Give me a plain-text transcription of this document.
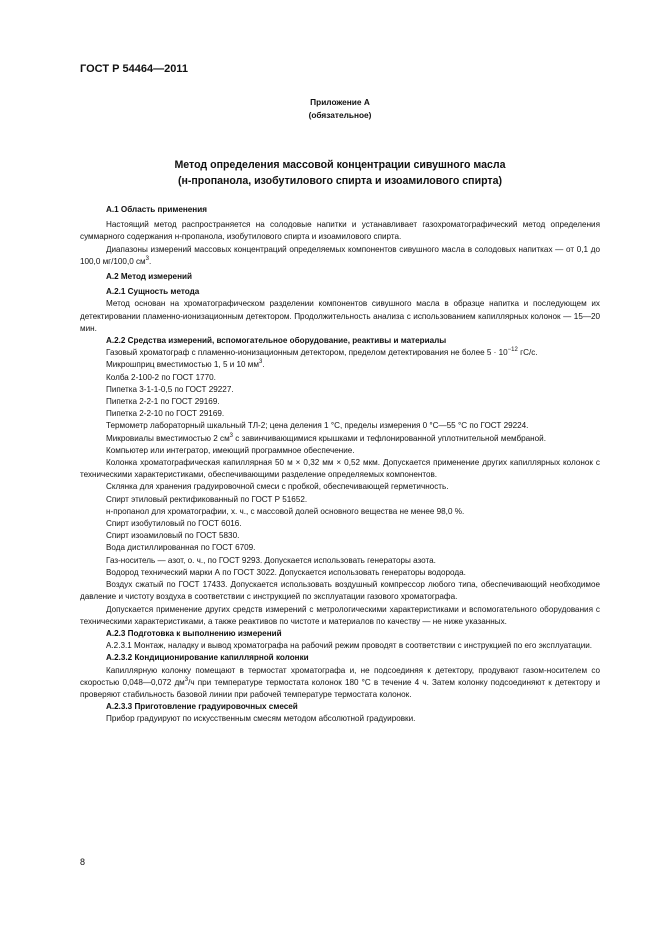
ГОСТ Р 54464—2011
Приложение А
(обязательное)
Метод определения массовой концентрации сивушного масла
(н-пропанола, изобутилового спирта и изоамилового спирта)
А.1 Область применения

Настоящий метод распространяется на солодовые напитки и устанавливает газохроматографический метод определения суммарного содержания н-пропанола, изобутилового спирта и изоамилового спирта.

Диапазоны измерений массовых концентраций определяемых компонентов сивушного масла в солодовых напитках — от 0,1 до 100,0 мг/100,0 $см^3$.

А.2 Метод измерений
А.2.1 Сущность метода

Метод основан на хроматографическом разделении компонентов сивушного масла в образце напитка и последующем их детектировании пламенно-ионизационным детектором. Продолжительность анализа с использованием капиллярных колонок — 15—20 мин.

А.2.2 Средства измерений, вспомогательное оборудование, реактивы и материалы

Газовый хроматограф с пламенно-ионизационным детектором, пределом детектирования не более $5 \cdot 10^{-12}$ гС/с.

Микрошприц вместимостью 1, 5 и 10 $мм^3$.

Колба 2-100-2 по ГОСТ 1770.

Пипетка 3-1-1-0,5 по ГОСТ 29227.

Пипетка 2-2-1 по ГОСТ 29169.

Пипетка 2-2-10 по ГОСТ 29169.

Термометр лабораторный шкальный ТЛ-2; цена деления 1 °С, пределы измерения 0 °С—55 °С по ГОСТ 29224.

Микровиалы вместимостью 2 $см^3$ с завинчивающимися крышками и тефлонированной уплотнительной мембраной.

Компьютер или интегратор, имеющий программное обеспечение.

Колонка хроматографическая капиллярная 50 м × 0,32 мм × 0,52 мкм. Допускается применение других капиллярных колонок с техническими характеристиками, обеспечивающими разделение определяемых компонентов.

Склянка для хранения градуировочной смеси с пробкой, обеспечивающей герметичность.

Спирт этиловый ректификованный по ГОСТ Р 51652.

н-пропанол для хроматографии, х. ч., с массовой долей основного вещества не менее 98,0 %.

Спирт изобутиловый по ГОСТ 6016.

Спирт изоамиловый по ГОСТ 5830.

Вода дистиллированная по ГОСТ 6709.

Газ-носитель — азот, о. ч., по ГОСТ 9293. Допускается использовать генераторы азота.

Водород технический марки А по ГОСТ 3022. Допускается использовать генераторы водорода.

Воздух сжатый по ГОСТ 17433. Допускается использовать воздушный компрессор любого типа, обеспечивающий необходимое давление и чистоту воздуха в соответствии с инструкцией по эксплуатации газового хроматографа.

Допускается применение других средств измерений с метрологическими характеристиками и вспомогательного оборудования с техническими характеристиками, а также реактивов по чистоте и материалов по качеству — не ниже указанных.

А.2.3 Подготовка к выполнению измерений

А.2.3.1 Монтаж, наладку и вывод хроматографа на рабочий режим проводят в соответствии с инструкцией по его эксплуатации.

А.2.3.2 Кондиционирование капиллярной колонки

Капиллярную колонку помещают в термостат хроматографа и, не подсоединяя к детектору, продувают газом-носителем со скоростью 0,048—0,072 $дм^3/ч$ при температуре термостата колонок 180 °С в течение 4 ч. Затем колонку подсоединяют к детектору и проверяют стабильность базовой линии при рабочей температуре термостата колонок.

А.2.3.3 Приготовление градуировочных смесей

Прибор градуируют по искусственным смесям методом абсолютной градуировки.

8
